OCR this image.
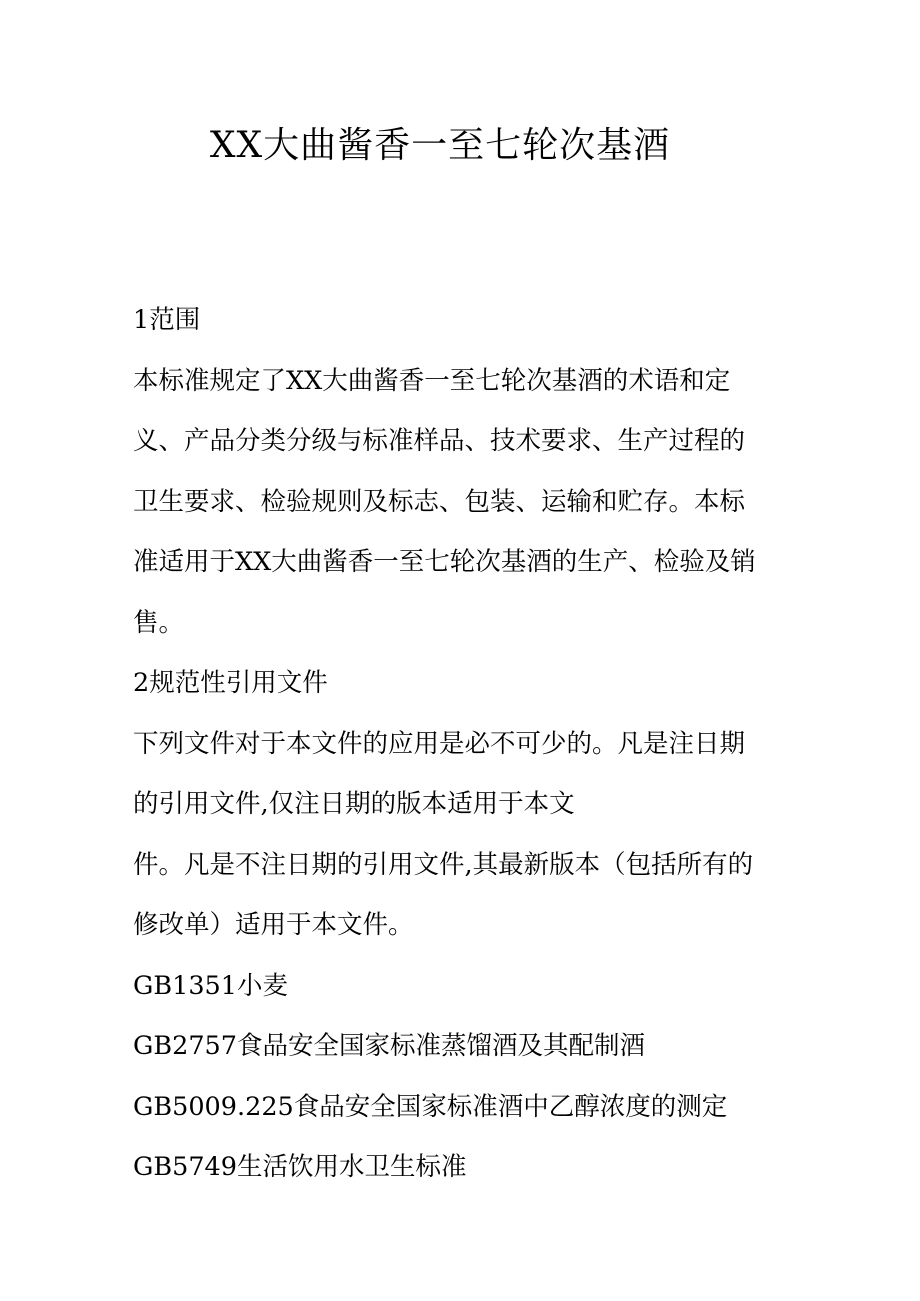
XX大曲酱香一至七轮次基酒
1范围
本标准规定了XX大曲酱香一至七轮次基酒的术语和定
义、产品分类分级与标准样品、技术要求、生产过程的
卫生要求、检验规则及标志、包装、运输和贮存。本标
准适用于XX大曲酱香一至七轮次基酒的生产、检验及销
售。
2规范性引用文件
下列文件对于本文件的应用是必不可少的。凡是注日期
的引用文件,仅注日期的版本适用于本文
件。凡是不注日期的引用文件,其最新版本（包括所有的
修改单）适用于本文件。
GB1351小麦
GB2757食品安全国家标准蒸馏酒及其配制酒
GB5009.225食品安全国家标准酒中乙醇浓度的测定
GB5749生活饮用水卫生标准
